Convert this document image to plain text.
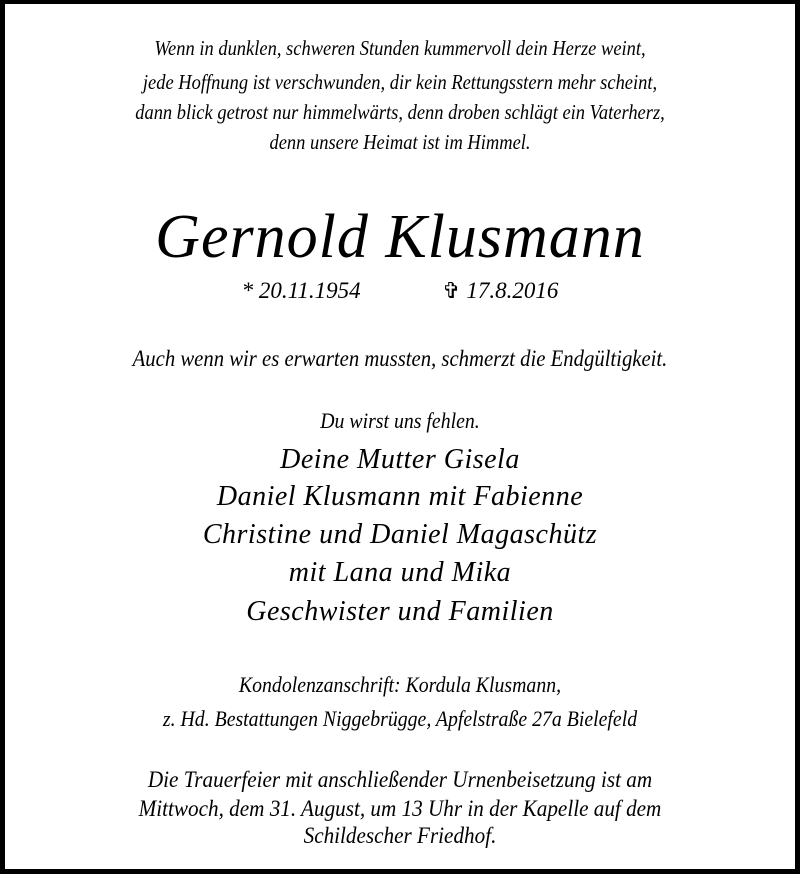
Wenn in dunklen, schweren Stunden kummervoll dein Herze weint,
jede Hoffnung ist verschwunden, dir kein Rettungsstern mehr scheint,
dann blick getrost nur himmelwärts, denn droben schlägt ein Vaterherz,
denn unsere Heimat ist im Himmel.
Gernold Klusmann
* 20.11.1954	✞ 17.8.2016
Auch wenn wir es erwarten mussten, schmerzt die Endgültigkeit.
Du wirst uns fehlen.
Deine Mutter Gisela
Daniel Klusmann mit Fabienne
Christine und Daniel Magaschütz
mit Lana und Mika
Geschwister und Familien
Kondolenzanschrift: Kordula Klusmann,
z. Hd. Bestattungen Niggebrügge, Apfelstraße 27a Bielefeld
Die Trauerfeier mit anschließender Urnenbeisetzung ist am
Mittwoch, dem 31. August, um 13 Uhr in der Kapelle auf dem
Schildescher Friedhof.
